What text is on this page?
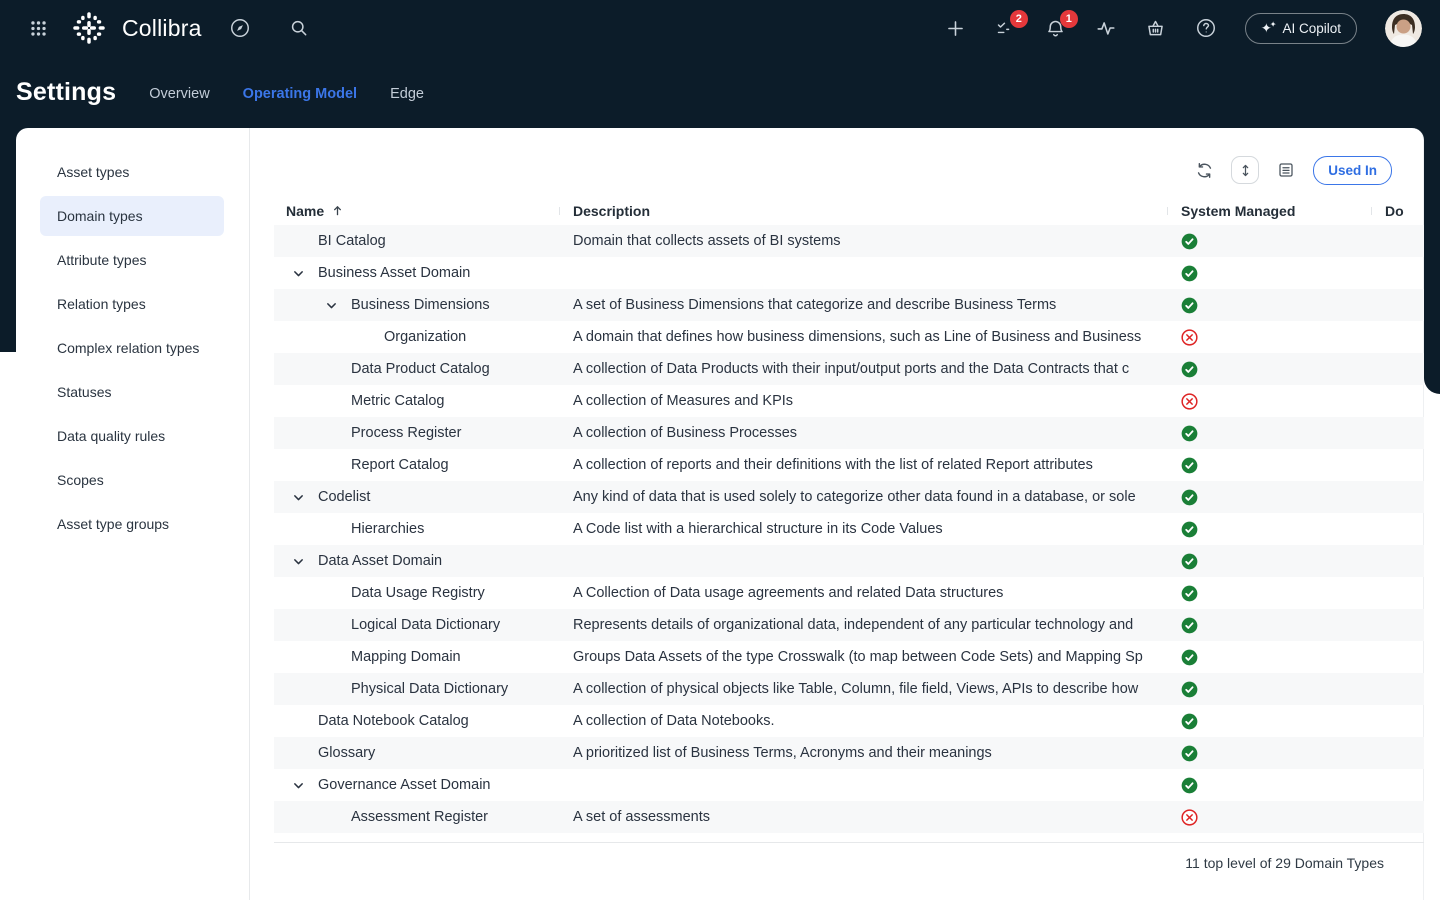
Collibra	2	1
✦✦ AI Copilot
Settings Overview Operating Model Edge
Asset types
Domain types
Attribute types
Relation types
Complex relation types
Statuses
Data quality rules
Scopes
Asset type groups
Used In
Name	Description	System Managed	Do
BI Catalog	Domain that collects assets of BI systems
Business Asset Domain
Business Dimensions	A set of Business Dimensions that categorize and describe Business Terms
Organization	A domain that defines how business dimensions, such as Line of Business and Business
Data Product Catalog	A collection of Data Products with their input/output ports and the Data Contracts that c
Metric Catalog	A collection of Measures and KPIs
Process Register	A collection of Business Processes
Report Catalog	A collection of reports and their definitions with the list of related Report attributes
Codelist	Any kind of data that is used solely to categorize other data found in a database, or sole
Hierarchies	A Code list with a hierarchical structure in its Code Values
Data Asset Domain
Data Usage Registry	A Collection of Data usage agreements and related Data structures
Logical Data Dictionary	Represents details of organizational data, independent of any particular technology and
Mapping Domain	Groups Data Assets of the type Crosswalk (to map between Code Sets) and Mapping Sp
Physical Data Dictionary	A collection of physical objects like Table, Column, file field, Views, APIs to describe how
Data Notebook Catalog	A collection of Data Notebooks.
Glossary	A prioritized list of Business Terms, Acronyms and their meanings
Governance Asset Domain
Assessment Register	A set of assessments
11 top level of 29 Domain Types
